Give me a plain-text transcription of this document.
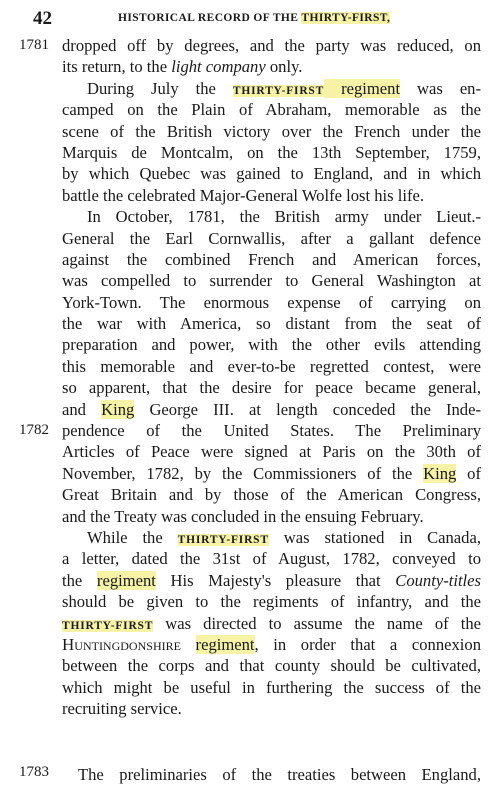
42	HISTORICAL RECORD OF THE THIRTY-FIRST,
1781
1782
1783
dropped off by degrees, and the party was reduced, on
its return, to the light company only.
During July the THIRTY-FIRST regiment was en-
camped on the Plain of Abraham, memorable as the
scene of the British victory over the French under the
Marquis de Montcalm, on the 13th September, 1759,
by which Quebec was gained to England, and in which
battle the celebrated Major-General Wolfe lost his life.
In October, 1781, the British army under Lieut.-
General the Earl Cornwallis, after a gallant defence
against the combined French and American forces,
was compelled to surrender to General Washington at
York-Town. The enormous expense of carrying on
the war with America, so distant from the seat of
preparation and power, with the other evils attending
this memorable and ever-to-be regretted contest, were
so apparent, that the desire for peace became general,
and King George III. at length conceded the Inde-
pendence of the United States. The Preliminary
Articles of Peace were signed at Paris on the 30th of
November, 1782, by the Commissioners of the King of
Great Britain and by those of the American Congress,
and the Treaty was concluded in the ensuing February.
While the THIRTY-FIRST was stationed in Canada,
a letter, dated the 31st of August, 1782, conveyed to
the regiment His Majesty's pleasure that County-titles
should be given to the regiments of infantry, and the
THIRTY-FIRST was directed to assume the name of the
Huntingdonshire regiment, in order that a connexion
between the corps and that county should be cultivated,
which might be useful in furthering the success of the
recruiting service.
The preliminaries of the treaties between England,
